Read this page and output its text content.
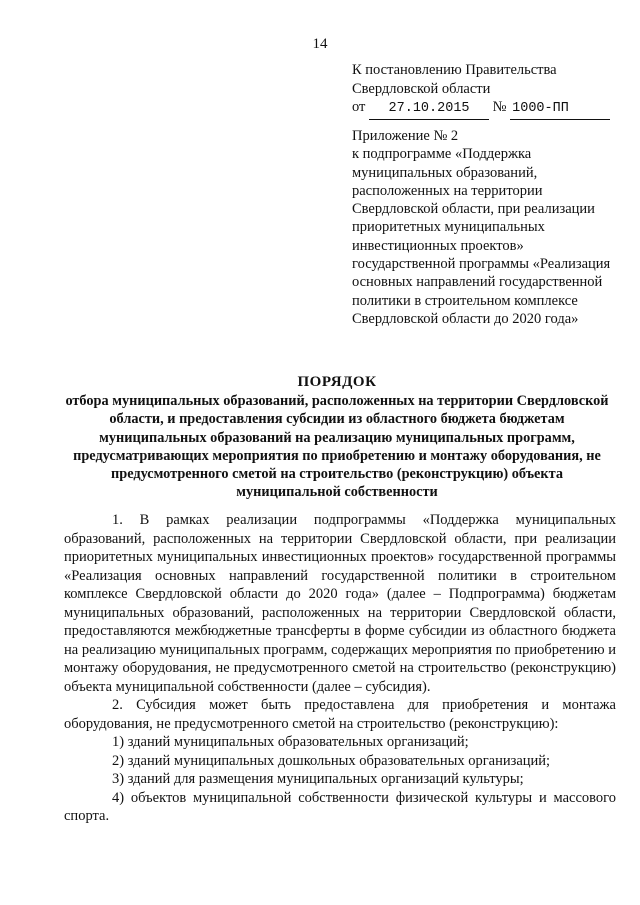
14
К постановлению Правительства
Свердловской области
от 27.10.2015 № 1000-ПП
Приложение № 2
к подпрограмме «Поддержка муниципальных образований, расположенных на территории Свердловской области, при реализации приоритетных муниципальных инвестиционных проектов» государственной программы «Реализация основных направлений государственной политики в строительном комплексе Свердловской области до 2020 года»
ПОРЯДОК
отбора муниципальных образований, расположенных на территории Свердловской области, и предоставления субсидии из областного бюджета бюджетам муниципальных образований на реализацию муниципальных программ, предусматривающих мероприятия по приобретению и монтажу оборудования, не предусмотренного сметой на строительство (реконструкцию) объекта муниципальной собственности

1. В рамках реализации подпрограммы «Поддержка муниципальных образований, расположенных на территории Свердловской области, при реализации приоритетных муниципальных инвестиционных проектов» государственной программы «Реализация основных направлений государственной политики в строительном комплексе Свердловской области до 2020 года» (далее – Подпрограмма) бюджетам муниципальных образований, расположенных на территории Свердловской области, предоставляются межбюджетные трансферты в форме субсидии из областного бюджета на реализацию муниципальных программ, содержащих мероприятия по приобретению и монтажу оборудования, не предусмотренного сметой на строительство (реконструкцию) объекта муниципальной собственности (далее – субсидия).

2. Субсидия может быть предоставлена для приобретения и монтажа оборудования, не предусмотренного сметой на строительство (реконструкцию):

1) зданий муниципальных образовательных организаций;

2) зданий муниципальных дошкольных образовательных организаций;

3) зданий для размещения муниципальных организаций культуры;

4) объектов муниципальной собственности физической культуры и массового спорта.
